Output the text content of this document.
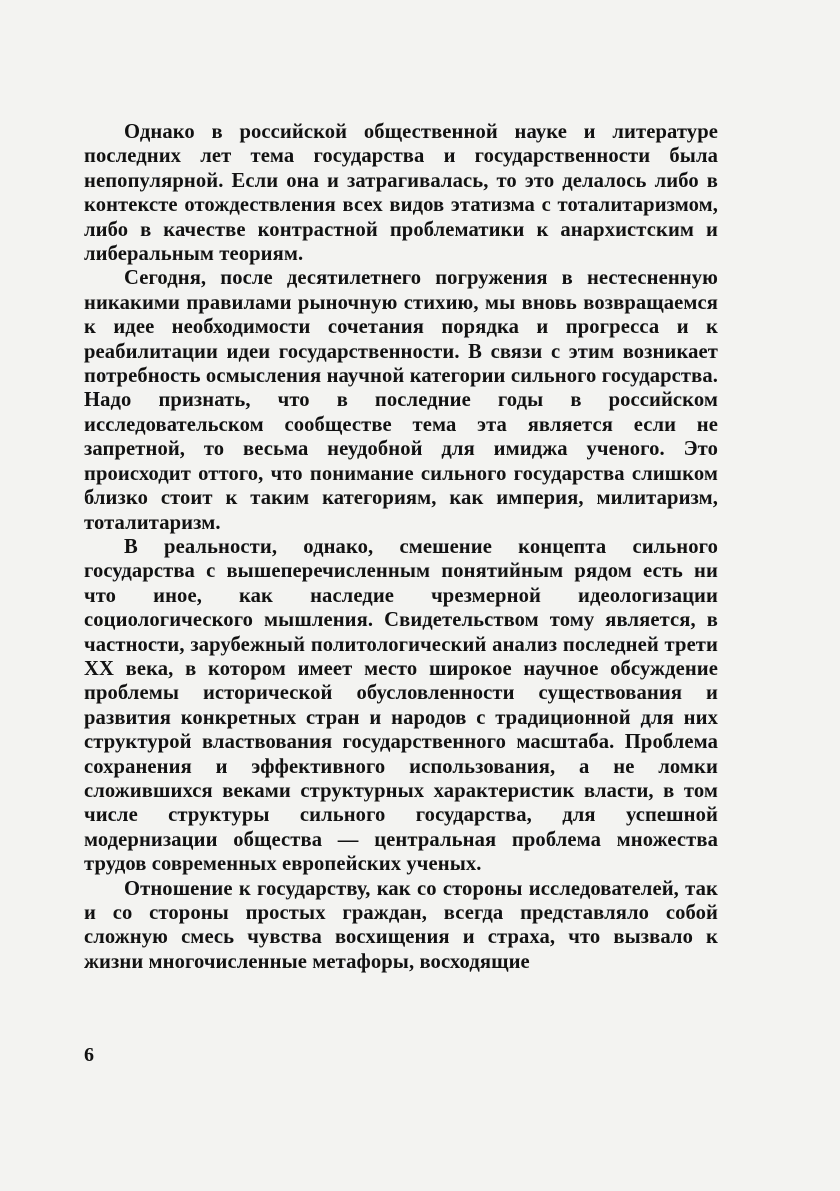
Однако в российской общественной науке и литературе последних лет тема государства и государственности была непопулярной. Если она и затрагивалась, то это делалось либо в контексте отождествления всех видов этатизма с тоталитаризмом, либо в качестве контрастной проблематики к анархистским и либеральным теориям.

Сегодня, после десятилетнего погружения в нестесненную никакими правилами рыночную стихию, мы вновь возвращаемся к идее необходимости сочетания порядка и прогресса и к реабилитации идеи государственности. В связи с этим возникает потребность осмысления научной категории сильного государства. Надо признать, что в последние годы в российском исследовательском сообществе тема эта является если не запретной, то весьма неудобной для имиджа ученого. Это происходит оттого, что понимание сильного государства слишком близко стоит к таким категориям, как империя, милитаризм, тоталитаризм.

В реальности, однако, смешение концепта сильного государства с вышеперечисленным понятийным рядом есть ни что иное, как наследие чрезмерной идеологизации социологического мышления. Свидетельством тому является, в частности, зарубежный политологический анализ последней трети XX века, в котором имеет место широкое научное обсуждение проблемы исторической обусловленности существования и развития конкретных стран и народов с традиционной для них структурой властвования государственного масштаба. Проблема сохранения и эффективного использования, а не ломки сложившихся веками структурных характеристик власти, в том числе структуры сильного государства, для успешной модернизации общества — центральная проблема множества трудов современных европейских ученых.

Отношение к государству, как со стороны исследователей, так и со стороны простых граждан, всегда представляло собой сложную смесь чувства восхищения и страха, что вызвало к жизни многочисленные метафоры, восходящие

6
